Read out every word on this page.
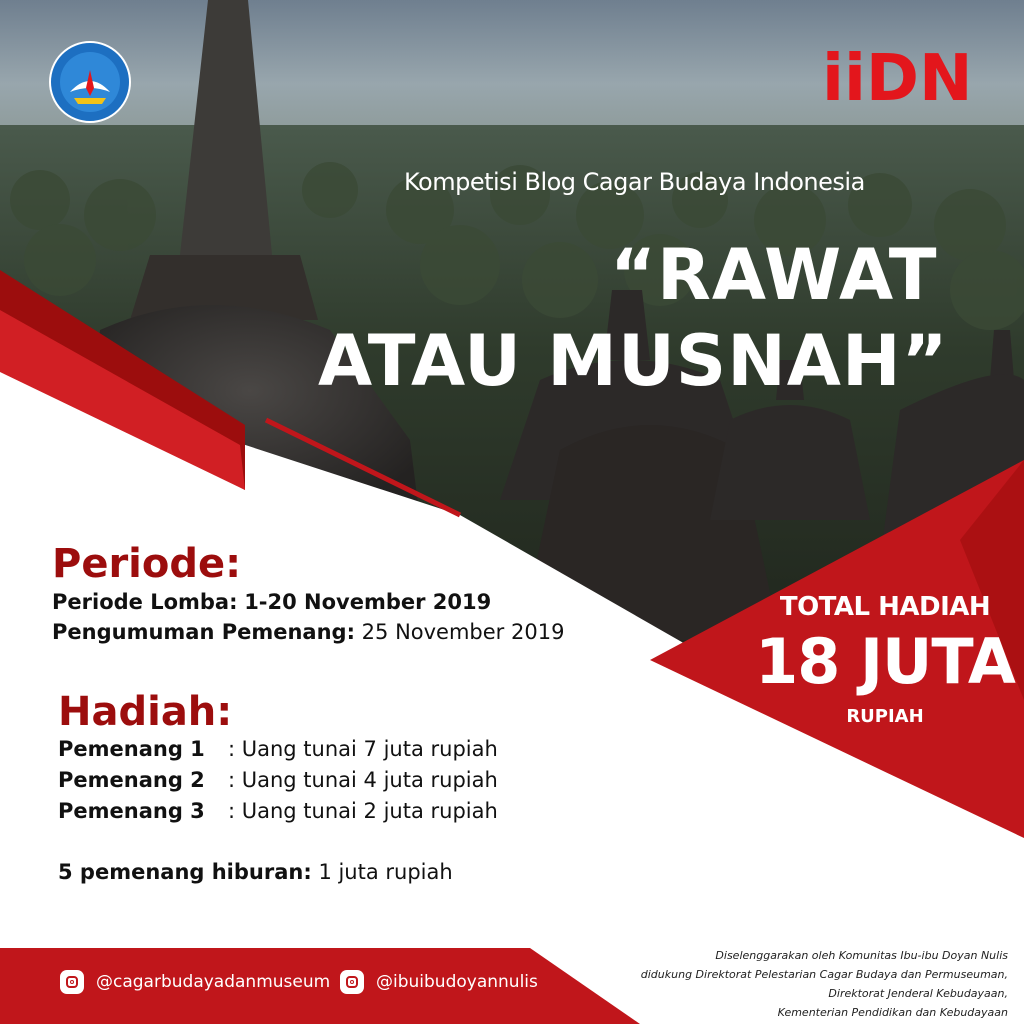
iiDN
Kompetisi Blog Cagar Budaya Indonesia
“RAWAT
ATAU MUSNAH”
Periode:
Periode Lomba: 1-20 November 2019
Pengumuman Pemenang: 25 November 2019
Hadiah:
Pemenang 1 : Uang tunai 7 juta rupiah
Pemenang 2 : Uang tunai 4 juta rupiah
Pemenang 3 : Uang tunai 2 juta rupiah
5 pemenang hiburan: 1 juta rupiah
TOTAL HADIAH
18 JUTA
RUPIAH
@cagarbudayadanmuseum	@ibuibudoyannulis
Diselenggarakan oleh Komunitas Ibu-ibu Doyan Nulis
didukung Direktorat Pelestarian Cagar Budaya dan Permuseuman,
Direktorat Jenderal Kebudayaan,
Kementerian Pendidikan dan Kebudayaan
